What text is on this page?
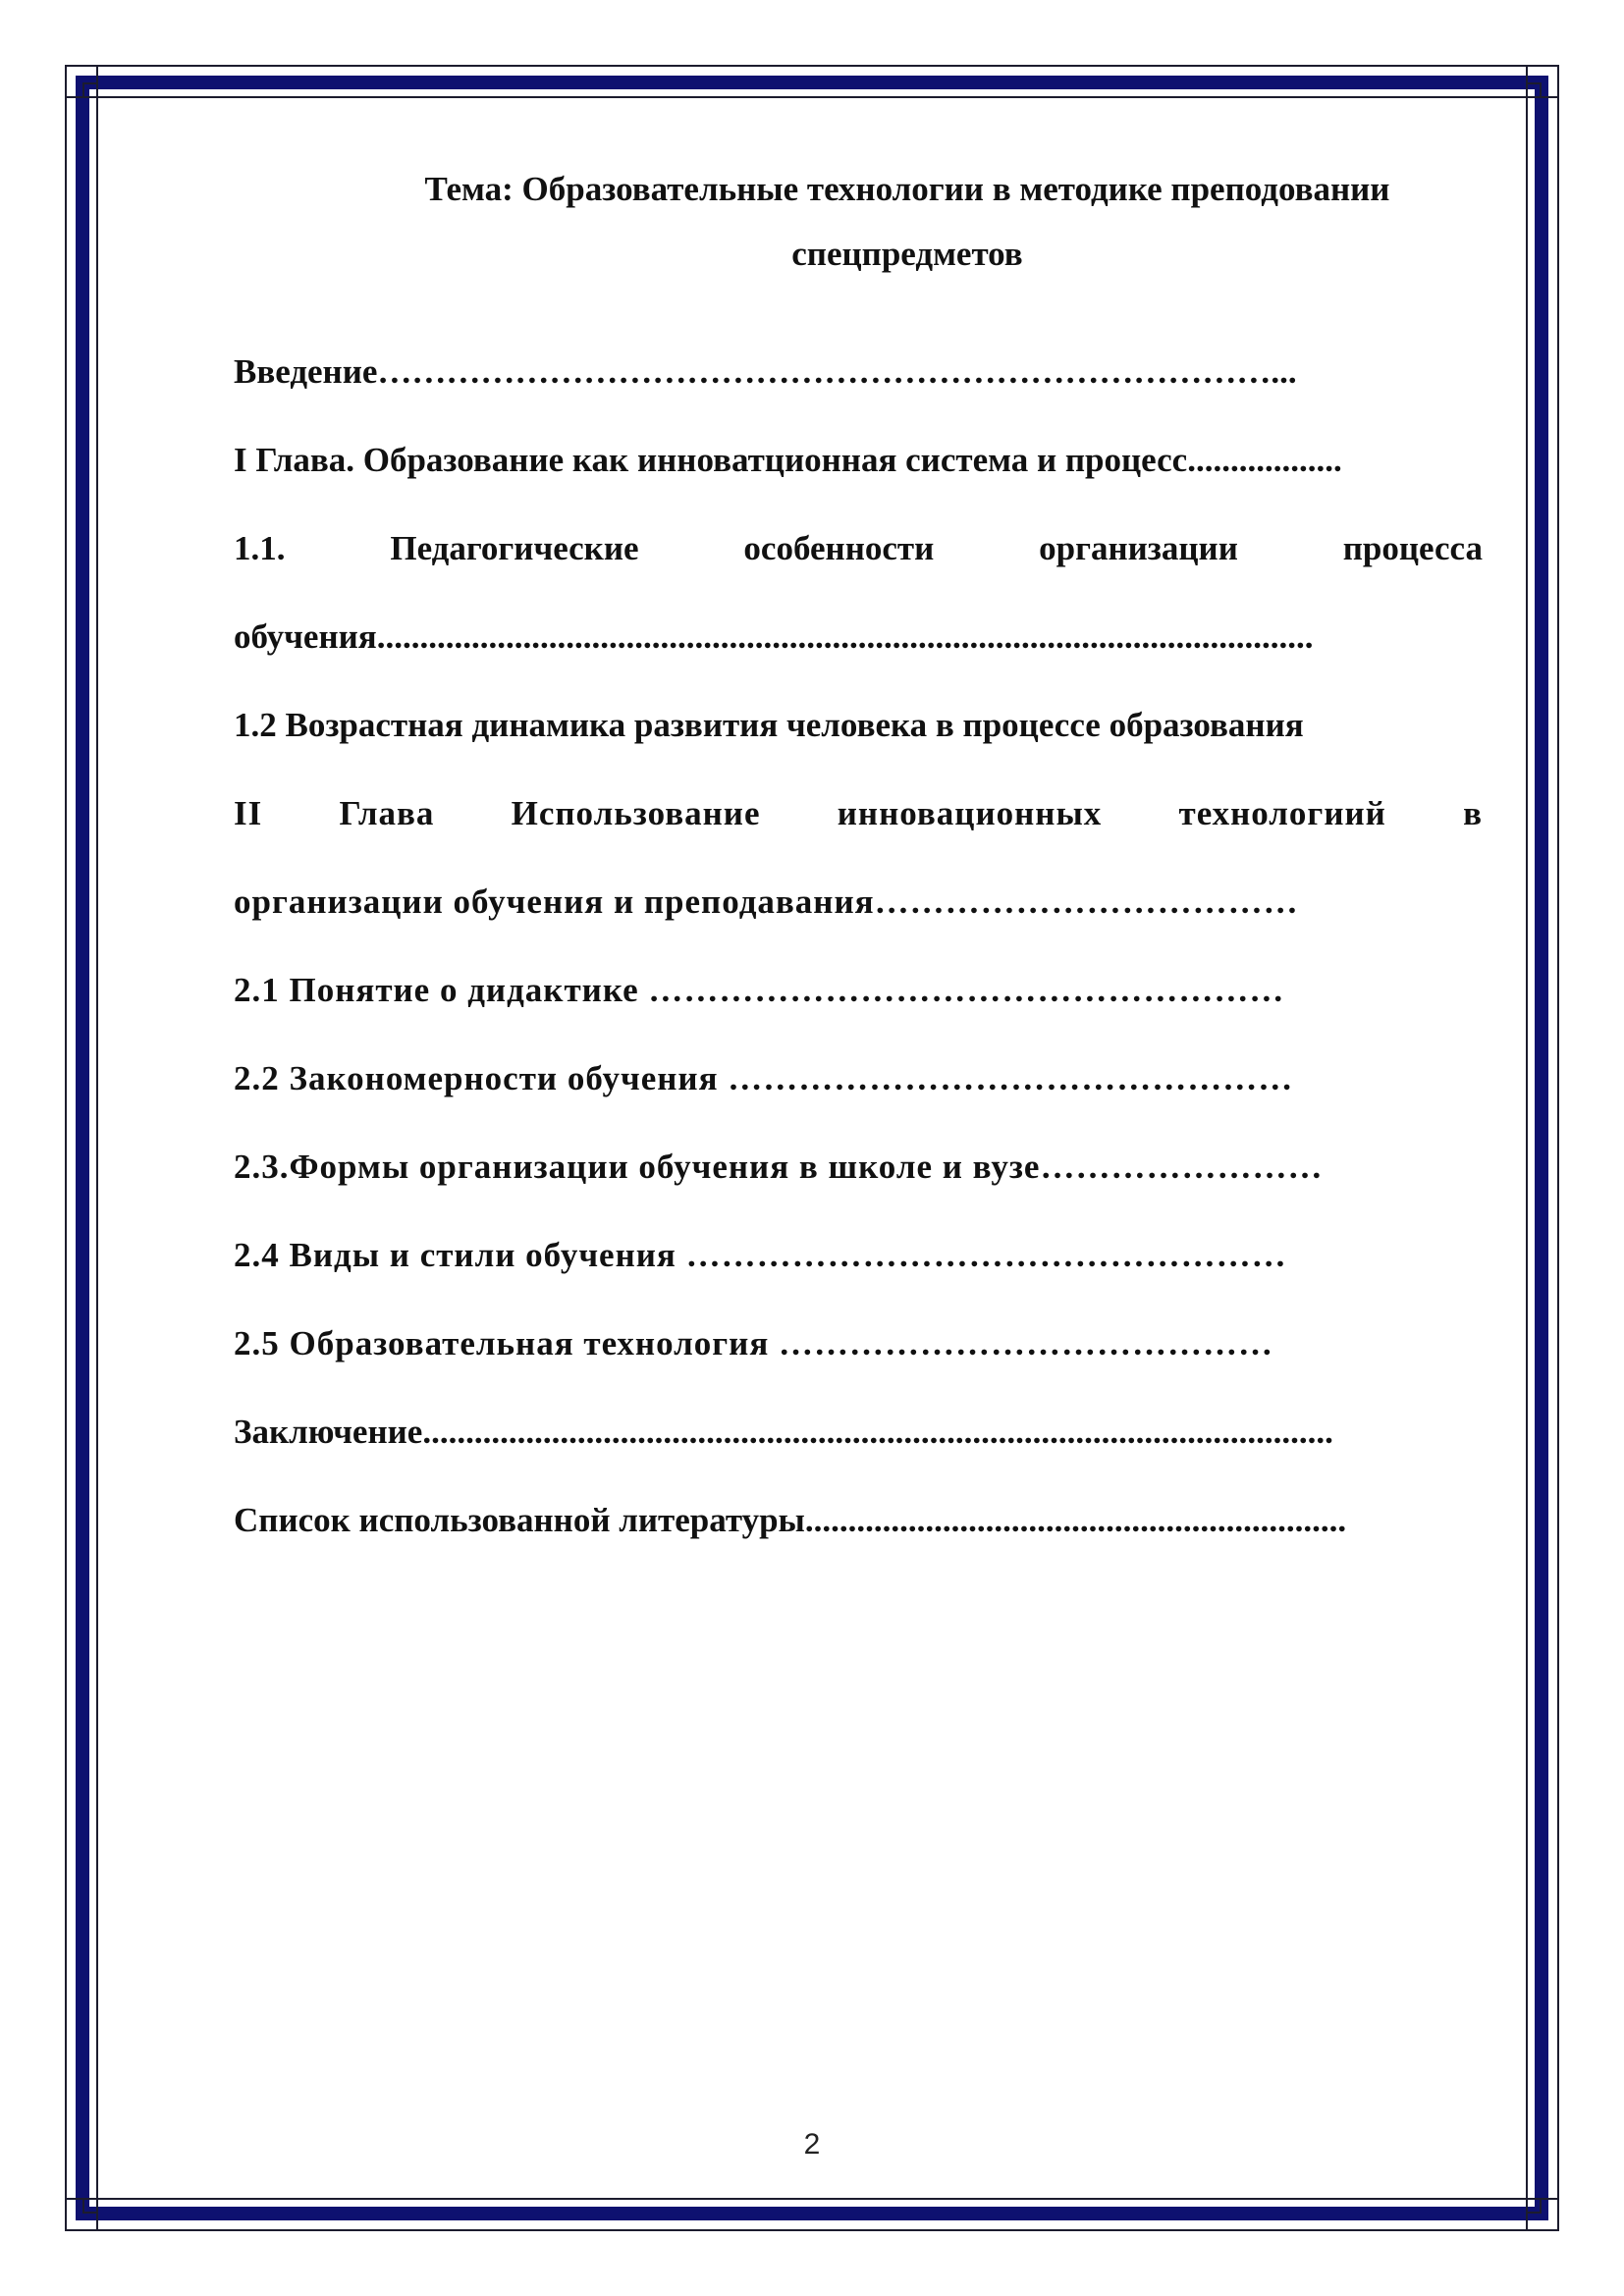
Тема: Образовательные технологии в методике преподовании
спецпредметов
Введение……………………………………………………………………...
I Глава. Образование как инноватционная система и процесс..................
1.1. Педагогические особенности организации процесса
обучения.............................................................................................................
1.2 Возрастная динамика развития человека в процессе образования
II Глава Использование инновационных технологиий в
организации обучения и преподавания………………………………
2.1 Понятие о дидактике ………………………………………………
2.2 Закономерности обучения …………………………………………
2.3.Формы организации обучения в школе и вузе……………………
2.4 Виды и стили обучения ……………………………………………
2.5 Образовательная технология ……………………………………
Заключение..........................................................................................................
Список использованной литературы...............................................................
2
